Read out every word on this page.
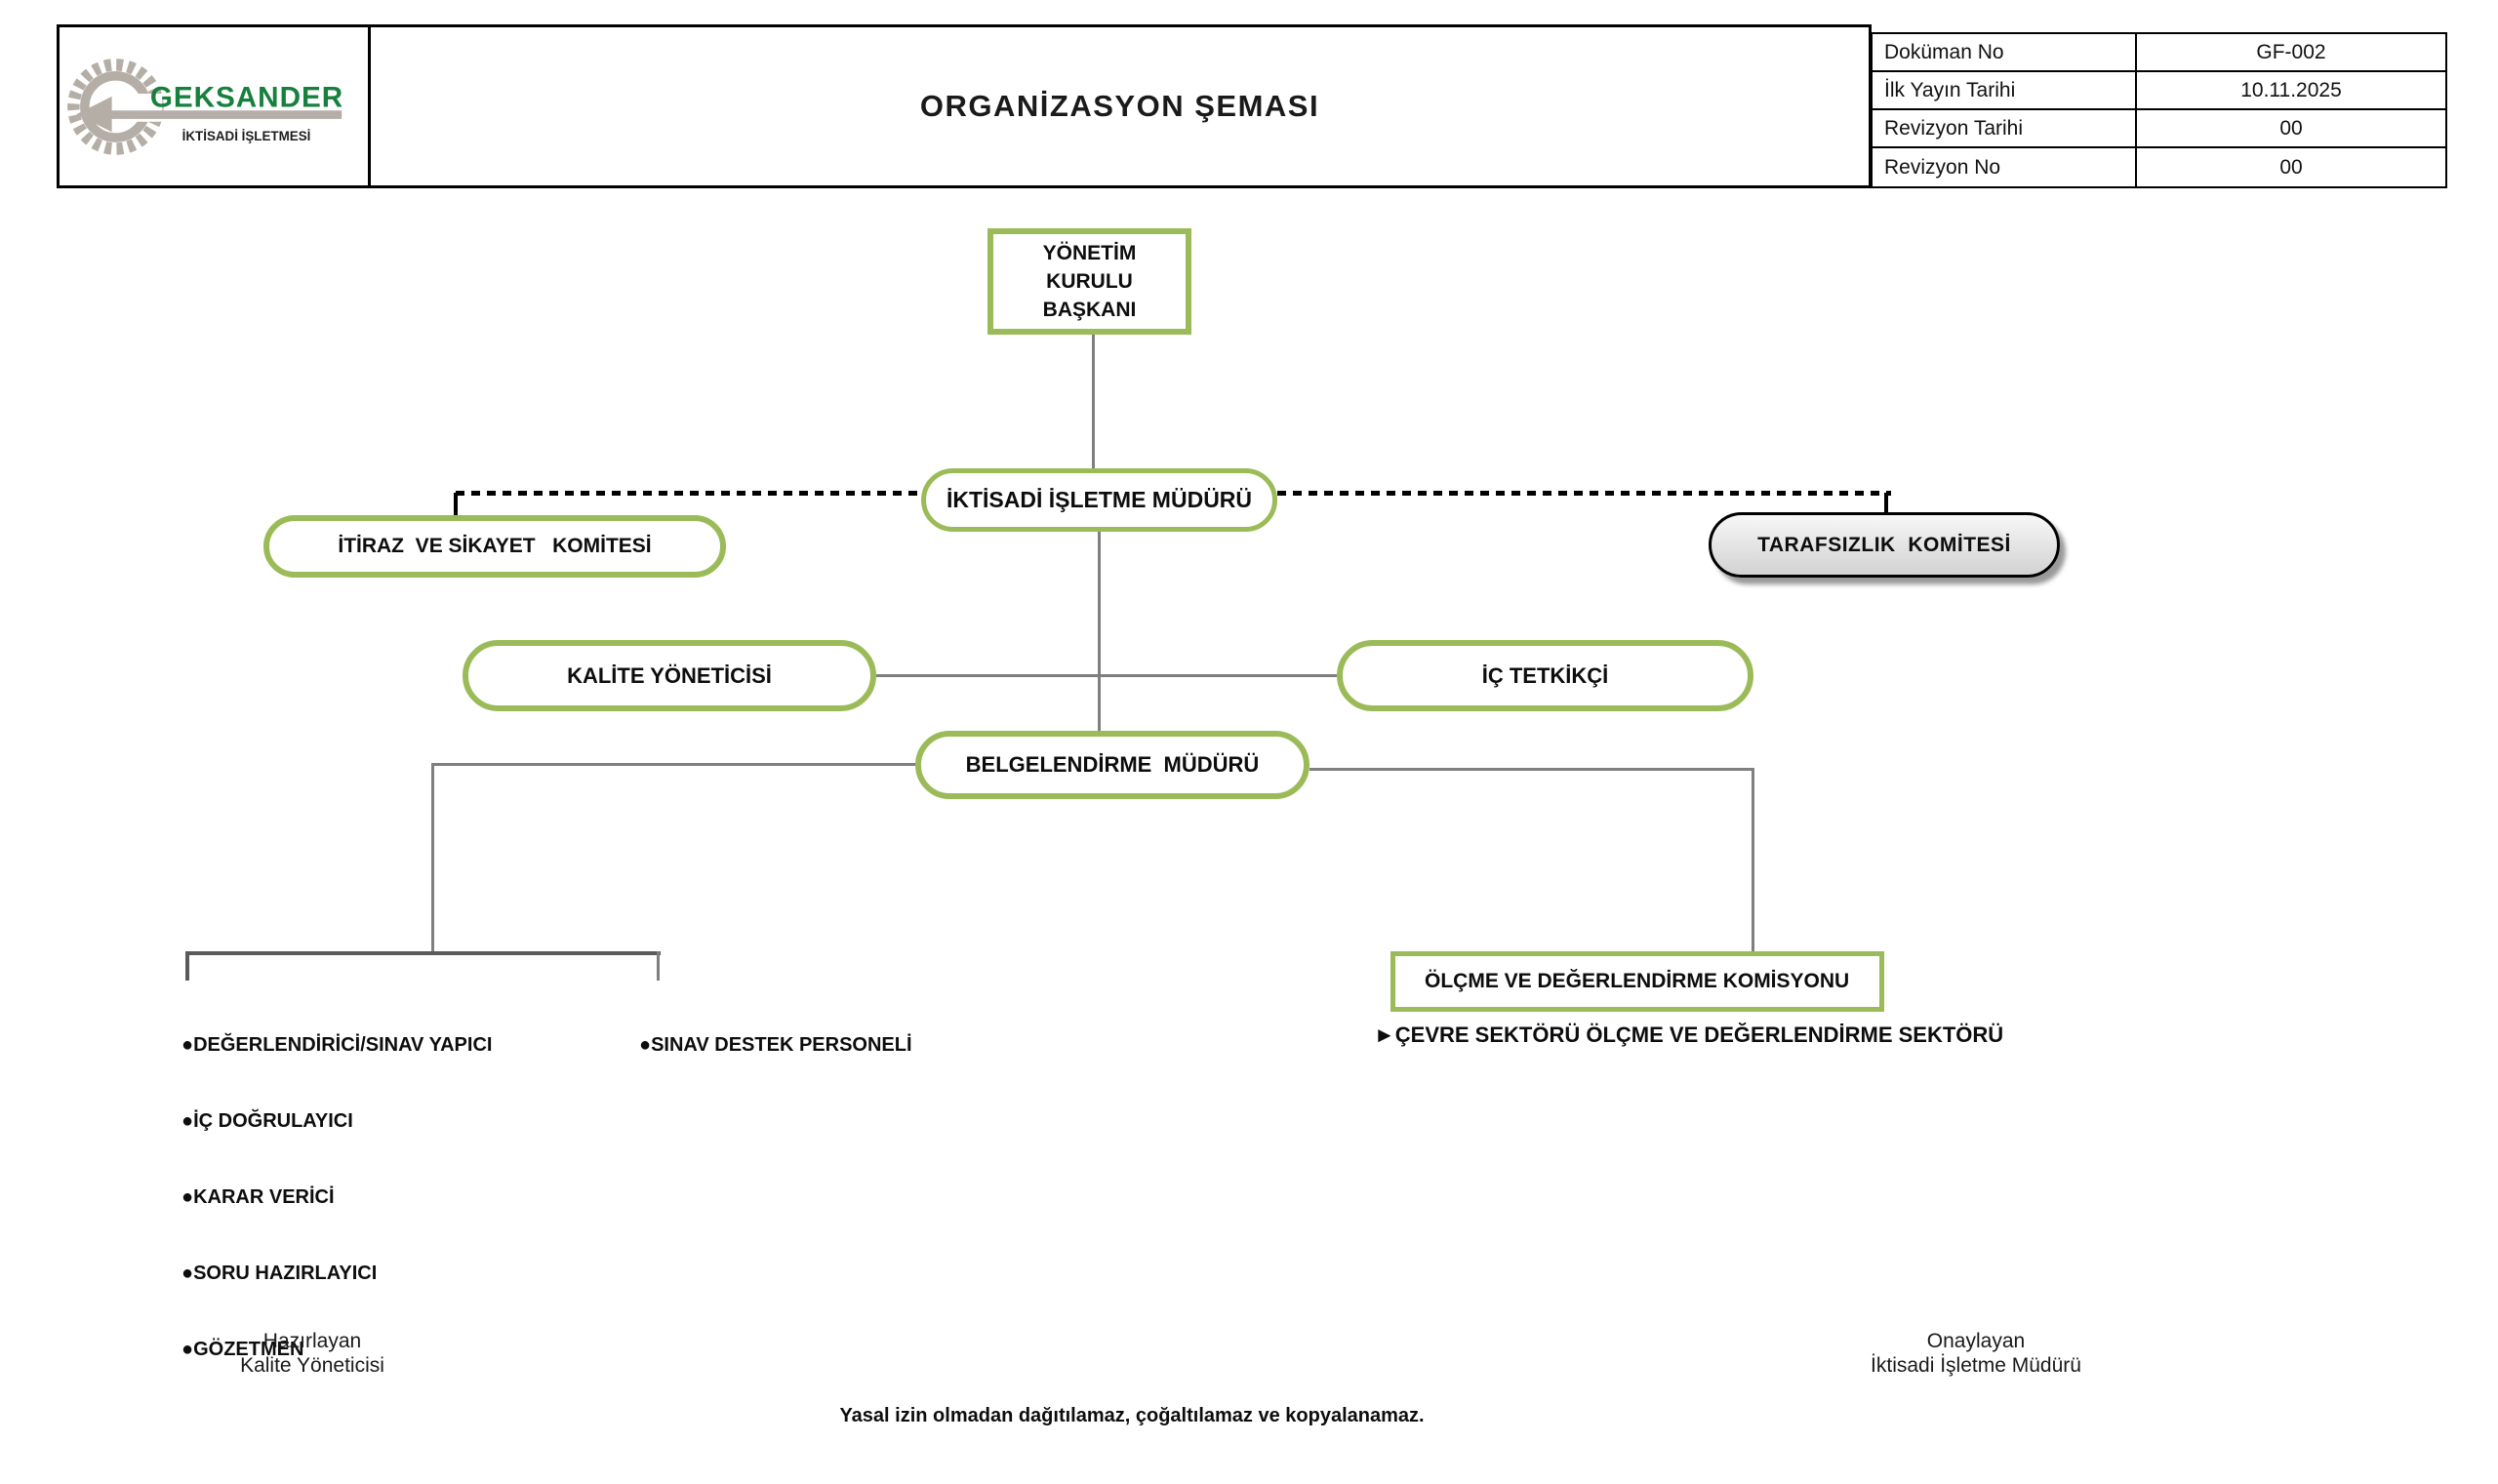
GEKSANDER
İKTİSADİ İŞLETMESİ
ORGANİZASYON ŞEMASI
Doküman No	GF-002
İlk Yayın Tarihi	10.11.2025
Revizyon Tarihi	00
Revizyon No	00
YÖNETİM KURULU BAŞKANI
İKTİSADİ İŞLETME MÜDÜRÜ
İTİRAZ  VE SİKAYET   KOMİTESİ	TARAFSIZLIK  KOMİTESİ
KALİTE YÖNETİCİSİ	İÇ TETKİKÇİ
BELGELENDİRME  MÜDÜRÜ
ÖLÇME VE DEĞERLENDİRME KOMİSYONU
►ÇEVRE SEKTÖRÜ ÖLÇME VE DEĞERLENDİRME SEKTÖRÜ

●DEĞERLENDİRİCİ/SINAV YAPICI

●İÇ DOĞRULAYICI

●KARAR VERİCİ

●SORU HAZIRLAYICI

●GÖZETMEN

●SINAV DESTEK PERSONELİ

Hazırlayan
Kalite Yöneticisi
Onaylayan
İktisadi İşletme Müdürü
Yasal izin olmadan dağıtılamaz, çoğaltılamaz ve kopyalanamaz.
